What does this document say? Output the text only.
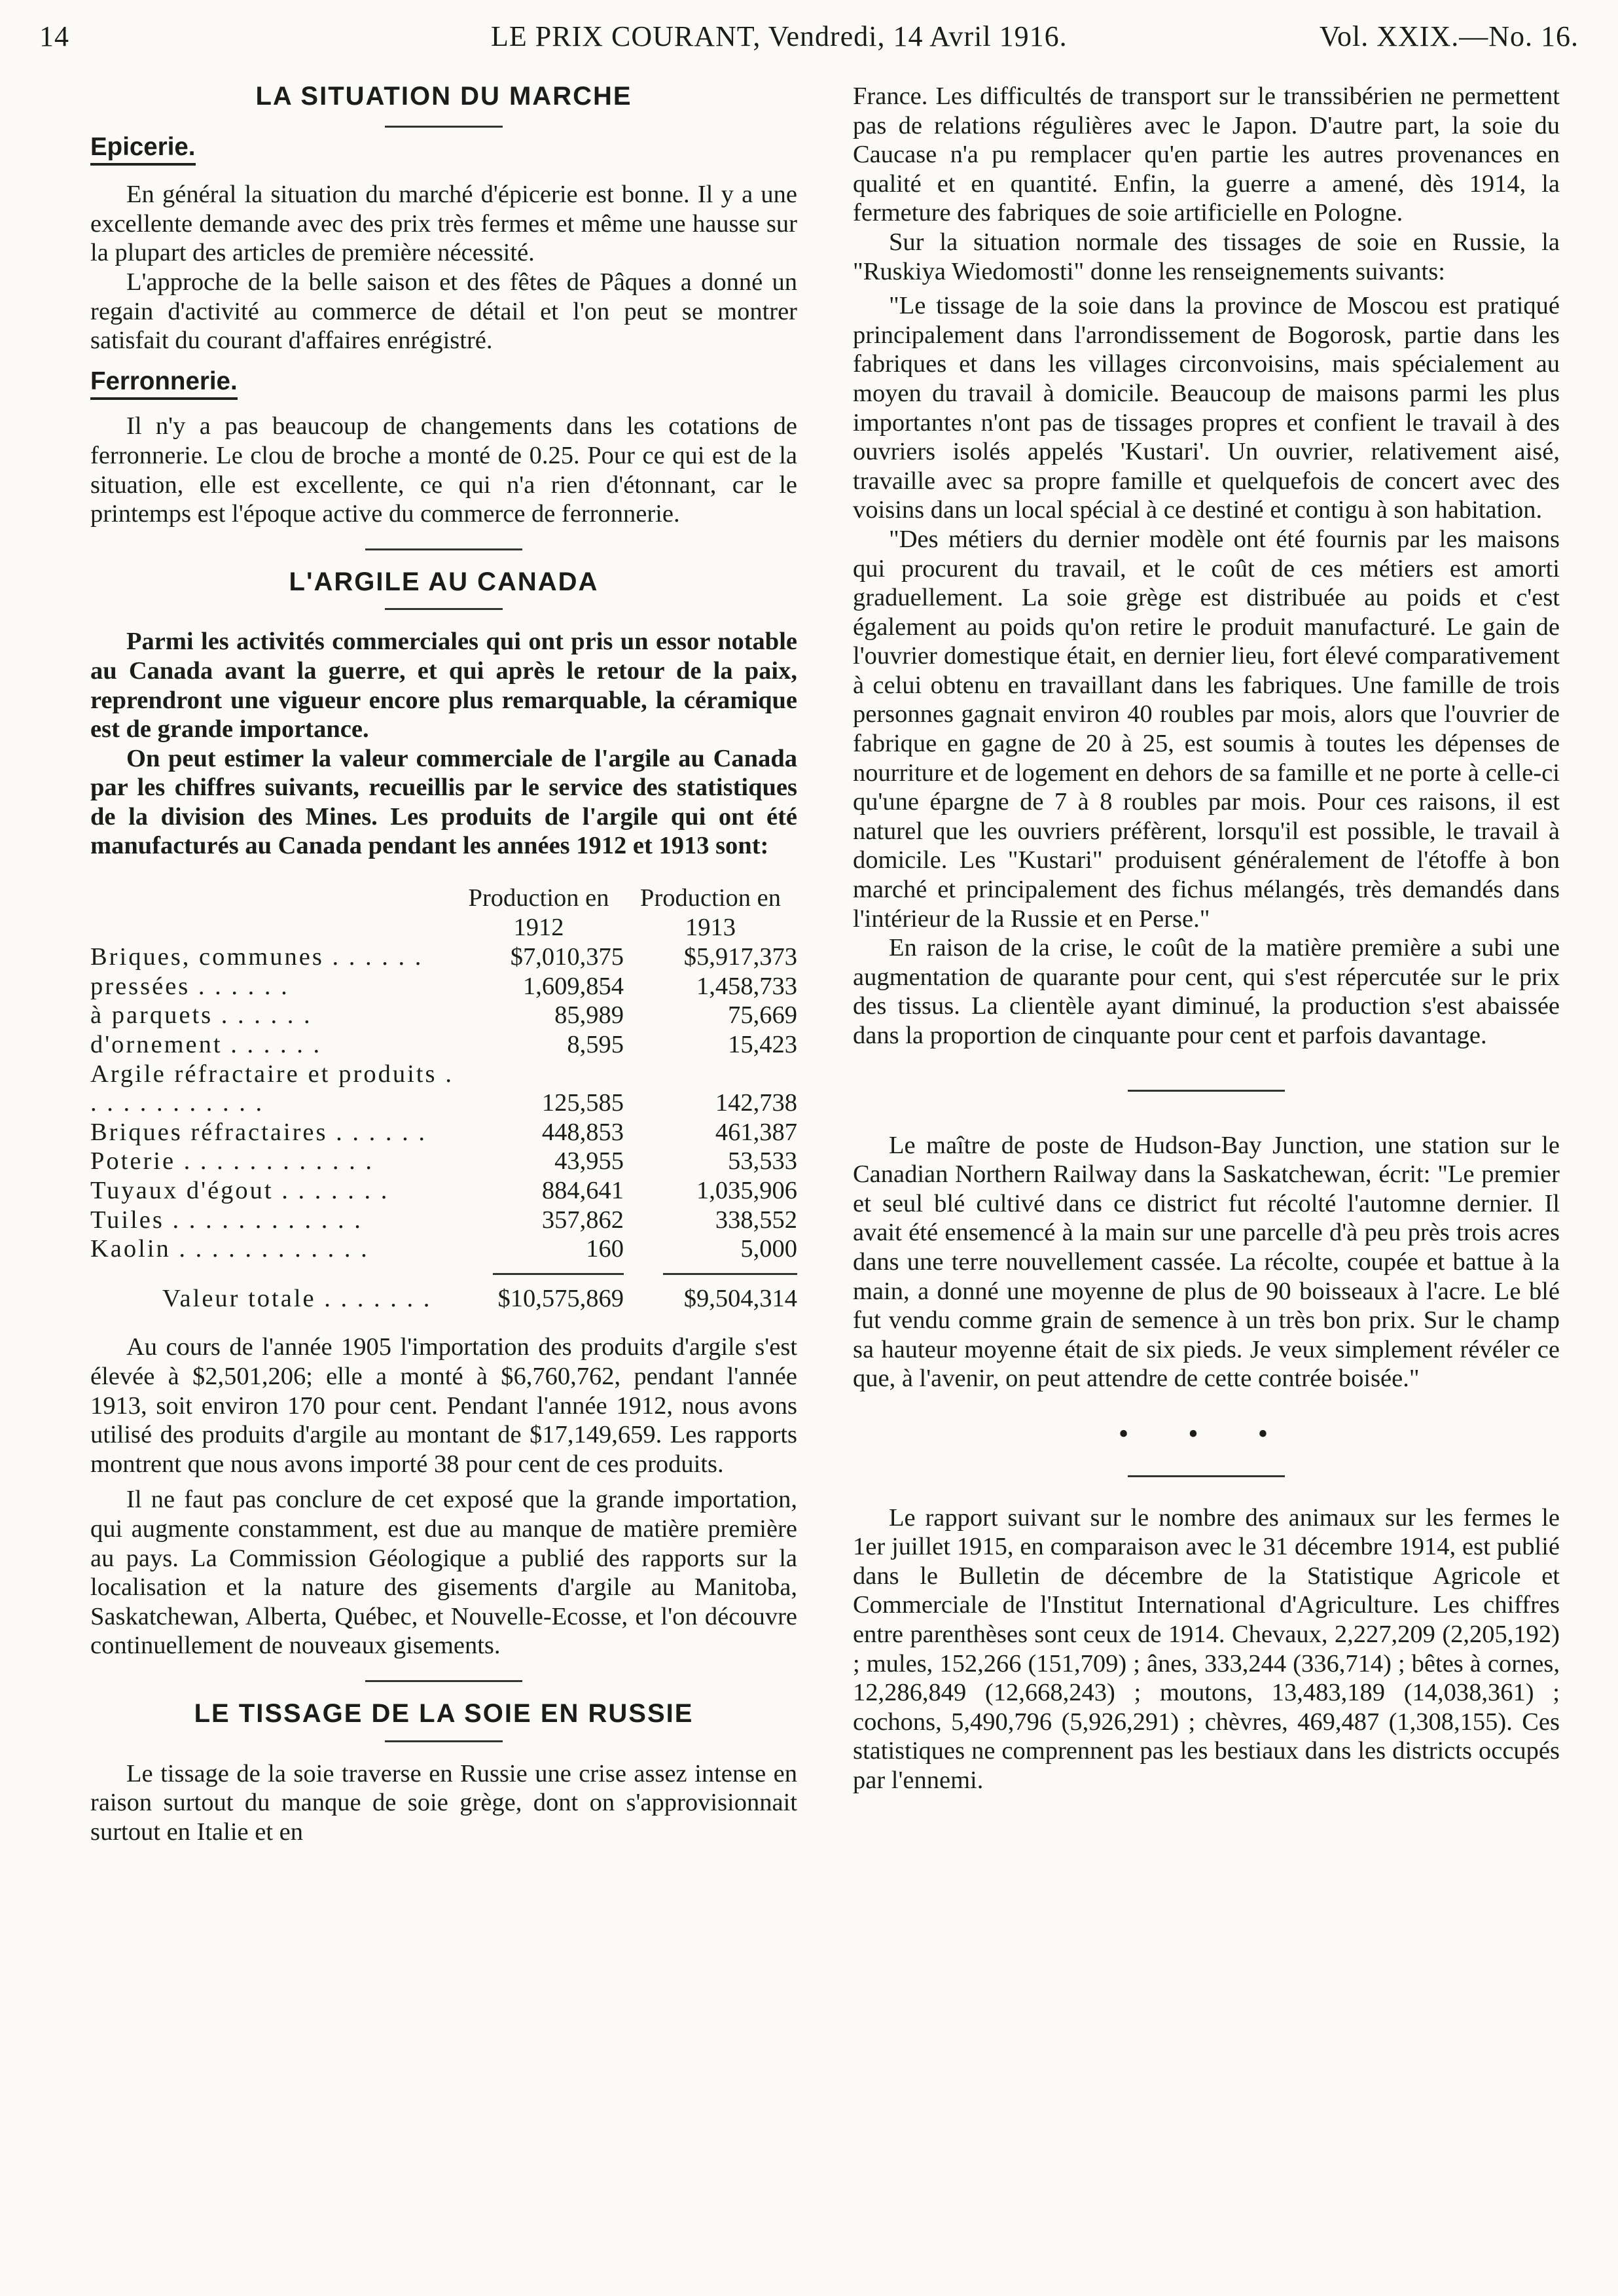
14	LE PRIX COURANT, Vendredi, 14 Avril 1916.	Vol. XXIX.—No. 16.
LA SITUATION DU MARCHE
Epicerie.

En général la situation du marché d'épicerie est bonne. Il y a une excellente demande avec des prix très fermes et même une hausse sur la plupart des articles de première nécessité.

L'approche de la belle saison et des fêtes de Pâques a donné un regain d'activité au commerce de détail et l'on peut se montrer satisfait du courant d'affaires enrégistré.

Ferronnerie.

Il n'y a pas beaucoup de changements dans les cotations de ferronnerie. Le clou de broche a monté de 0.25. Pour ce qui est de la situation, elle est excellente, ce qui n'a rien d'étonnant, car le printemps est l'époque active du commerce de ferronnerie.

L'ARGILE AU CANADA

Parmi les activités commerciales qui ont pris un essor notable au Canada avant la guerre, et qui après le retour de la paix, reprendront une vigueur encore plus remarquable, la céramique est de grande importance.

On peut estimer la valeur commerciale de l'argile au Canada par les chiffres suivants, recueillis par le service des statistiques de la division des Mines. Les produits de l'argile qui ont été manufacturés au Canada pendant les années 1912 et 1913 sont:

	Production en 1912	Production en 1913
Briques, communes . . . . . .	$7,010,375	$5,917,373
pressées . . . . . .	1,609,854	1,458,733
à parquets . . . . . .	85,989	75,669
d'ornement . . . . . .	8,595	15,423
Argile réfractaire et produits . . . . . . . . . . . .	125,585	142,738
Briques réfractaires . . . . . .	448,853	461,387
Poterie . . . . . . . . . . . .	43,955	53,533
Tuyaux d'égout . . . . . . .	884,641	1,035,906
Tuiles . . . . . . . . . . . .	357,862	338,552
Kaolin . . . . . . . . . . . .	160	5,000

Valeur totale . . . . . . .	$10,575,869	$9,504,314

Au cours de l'année 1905 l'importation des produits d'argile s'est élevée à $2,501,206; elle a monté à $6,760,762, pendant l'année 1913, soit environ 170 pour cent. Pendant l'année 1912, nous avons utilisé des produits d'argile au montant de $17,149,659. Les rapports montrent que nous avons importé 38 pour cent de ces produits.

Il ne faut pas conclure de cet exposé que la grande importation, qui augmente constamment, est due au manque de matière première au pays. La Commission Géologique a publié des rapports sur la localisation et la nature des gisements d'argile au Manitoba, Saskatchewan, Alberta, Québec, et Nouvelle-Ecosse, et l'on découvre continuellement de nouveaux gisements.

LE TISSAGE DE LA SOIE EN RUSSIE

Le tissage de la soie traverse en Russie une crise assez intense en raison surtout du manque de soie grège, dont on s'approvisionnait surtout en Italie et en

France. Les difficultés de transport sur le transsibérien ne permettent pas de relations régulières avec le Japon. D'autre part, la soie du Caucase n'a pu remplacer qu'en partie les autres provenances en qualité et en quantité. Enfin, la guerre a amené, dès 1914, la fermeture des fabriques de soie artificielle en Pologne.

Sur la situation normale des tissages de soie en Russie, la "Ruskiya Wiedomosti" donne les renseignements suivants:

"Le tissage de la soie dans la province de Moscou est pratiqué principalement dans l'arrondissement de Bogorosk, partie dans les fabriques et dans les villages circonvoisins, mais spécialement au moyen du travail à domicile. Beaucoup de maisons parmi les plus importantes n'ont pas de tissages propres et confient le travail à des ouvriers isolés appelés 'Kustari'. Un ouvrier, relativement aisé, travaille avec sa propre famille et quelquefois de concert avec des voisins dans un local spécial à ce destiné et contigu à son habitation.

"Des métiers du dernier modèle ont été fournis par les maisons qui procurent du travail, et le coût de ces métiers est amorti graduellement. La soie grège est distribuée au poids et c'est également au poids qu'on retire le produit manufacturé. Le gain de l'ouvrier domestique était, en dernier lieu, fort élevé comparativement à celui obtenu en travaillant dans les fabriques. Une famille de trois personnes gagnait environ 40 roubles par mois, alors que l'ouvrier de fabrique en gagne de 20 à 25, est soumis à toutes les dépenses de nourriture et de logement en dehors de sa famille et ne porte à celle-ci qu'une épargne de 7 à 8 roubles par mois. Pour ces raisons, il est naturel que les ouvriers préfèrent, lorsqu'il est possible, le travail à domicile. Les "Kustari" produisent généralement de l'étoffe à bon marché et principalement des fichus mélangés, très demandés dans l'intérieur de la Russie et en Perse."

En raison de la crise, le coût de la matière première a subi une augmentation de quarante pour cent, qui s'est répercutée sur le prix des tissus. La clientèle ayant diminué, la production s'est abaissée dans la proportion de cinquante pour cent et parfois davantage.

Le maître de poste de Hudson-Bay Junction, une station sur le Canadian Northern Railway dans la Saskatchewan, écrit: "Le premier et seul blé cultivé dans ce district fut récolté l'automne dernier. Il avait été ensemencé à la main sur une parcelle d'à peu près trois acres dans une terre nouvellement cassée. La récolte, coupée et battue à la main, a donné une moyenne de plus de 90 boisseaux à l'acre. Le blé fut vendu comme grain de semence à un très bon prix. Sur le champ sa hauteur moyenne était de six pieds. Je veux simplement révéler ce que, à l'avenir, on peut attendre de cette contrée boisée."

• • •

Le rapport suivant sur le nombre des animaux sur les fermes le 1er juillet 1915, en comparaison avec le 31 décembre 1914, est publié dans le Bulletin de décembre de la Statistique Agricole et Commerciale de l'Institut International d'Agriculture. Les chiffres entre parenthèses sont ceux de 1914. Chevaux, 2,227,209 (2,205,192) ; mules, 152,266 (151,709) ; ânes, 333,244 (336,714) ; bêtes à cornes, 12,286,849 (12,668,243) ; moutons, 13,483,189 (14,038,361) ; cochons, 5,490,796 (5,926,291) ; chèvres, 469,487 (1,308,155). Ces statistiques ne comprennent pas les bestiaux dans les districts occupés par l'ennemi.
